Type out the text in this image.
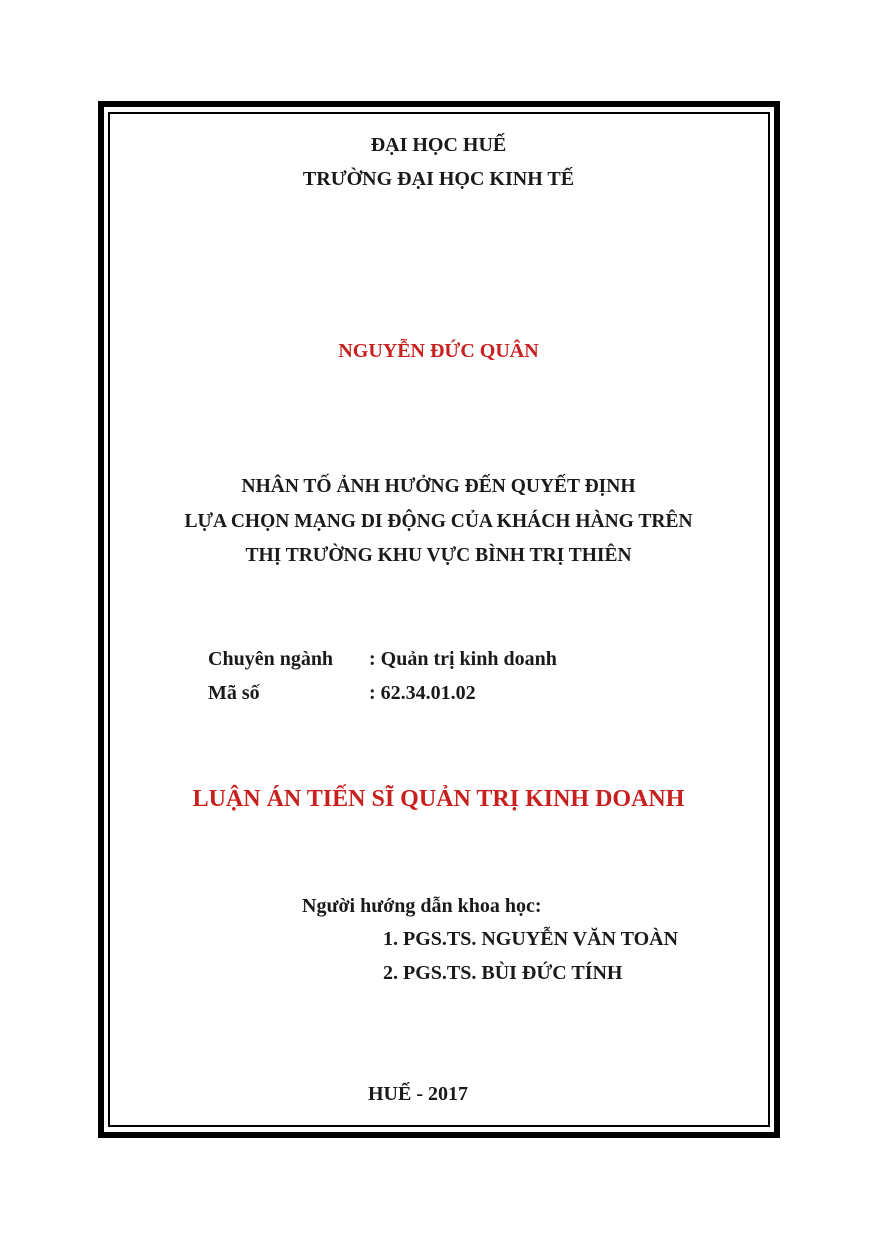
ĐẠI HỌC HUẾ
TRƯỜNG ĐẠI HỌC KINH TẾ
NGUYỄN ĐỨC QUÂN
NHÂN TỐ ẢNH HƯỞNG ĐẾN QUYẾT ĐỊNH
LỰA CHỌN MẠNG DI ĐỘNG CỦA KHÁCH HÀNG TRÊN
THỊ TRƯỜNG KHU VỰC BÌNH TRỊ THIÊN
Chuyên ngành : Quản trị kinh doanh
Mã số	: 62.34.01.02
LUẬN ÁN TIẾN SĨ QUẢN TRỊ KINH DOANH
Người hướng dẫn khoa học:
1. PGS.TS. NGUYỄN VĂN TOÀN
2. PGS.TS. BÙI ĐỨC TÍNH
HUẾ - 2017
